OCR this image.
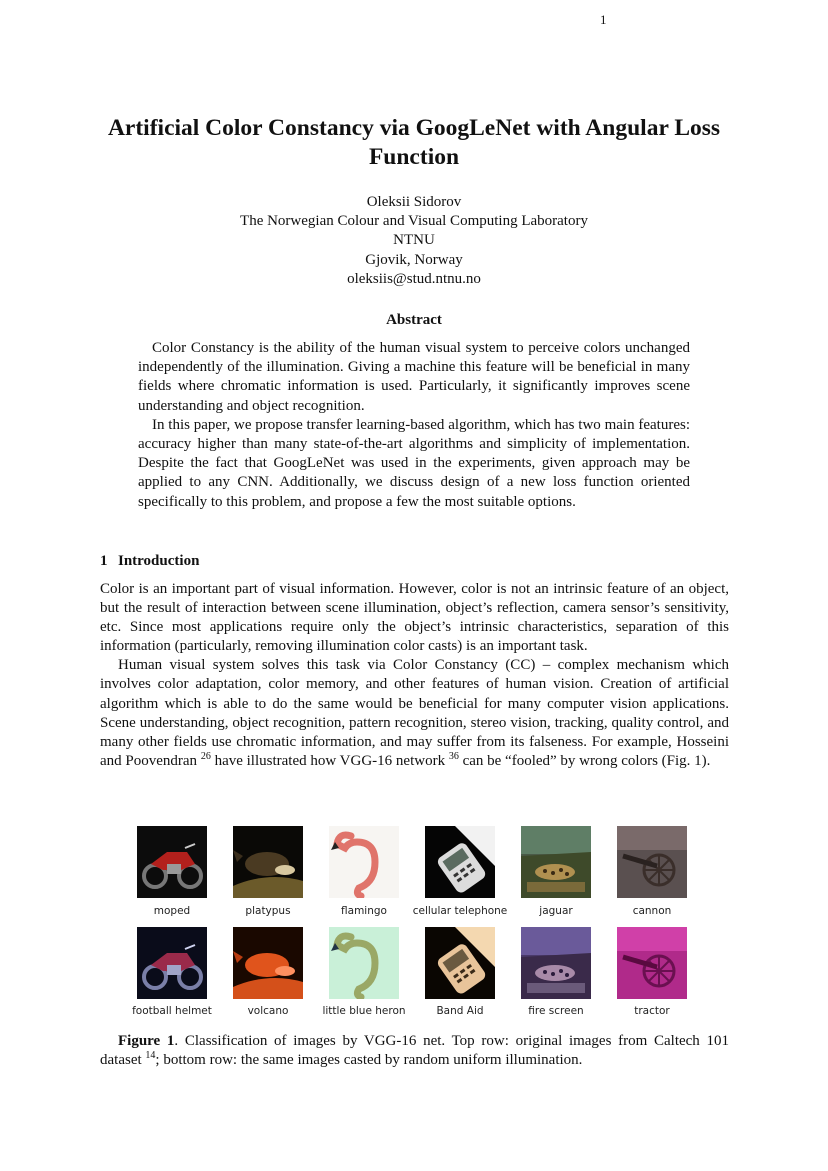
1
Artificial Color Constancy via GoogLeNet with Angular Loss Function
Oleksii Sidorov
The Norwegian Colour and Visual Computing Laboratory
NTNU
Gjovik, Norway
oleksiis@stud.ntnu.no
Abstract

Color Constancy is the ability of the human visual system to perceive colors unchanged independently of the illumination. Giving a machine this feature will be beneficial in many fields where chromatic information is used. Particularly, it significantly improves scene understanding and object recognition.

In this paper, we propose transfer learning-based algorithm, which has two main features: accuracy higher than many state-of-the-art algorithms and simplicity of implementation. Despite the fact that GoogLeNet was used in the experiments, given approach may be applied to any CNN. Additionally, we discuss design of a new loss function oriented specifically to this problem, and propose a few the most suitable options.

1 Introduction

Color is an important part of visual information. However, color is not an intrinsic feature of an object, but the result of interaction between scene illumination, object’s reflection, camera sensor’s sensitivity, etc. Since most applications require only the object’s intrinsic characteristics, separation of this information (particularly, removing illumination color casts) is an important task.

Human visual system solves this task via Color Constancy (CC) – complex mechanism which involves color adaptation, color memory, and other features of human vision. Creation of artificial algorithm which is able to do the same would be beneficial for many computer vision applications. Scene understanding, object recognition, pattern recognition, stereo vision, tracking, quality control, and many other fields use chromatic information, and may suffer from its falseness. For example, Hosseini and Poovendran $^{26}$ have illustrated how VGG-16 network $^{36}$ can be “fooled” by wrong colors (Fig. 1).

moped	platypus	flamingo	cellular telephone	jaguar	cannon
football helmet	volcano	little blue heron	Band Aid	fire screen	tractor

Figure 1. Classification of images by VGG-16 net. Top row: original images from Caltech 101 dataset $^{14}$; bottom row: the same images casted by random uniform illumination.
